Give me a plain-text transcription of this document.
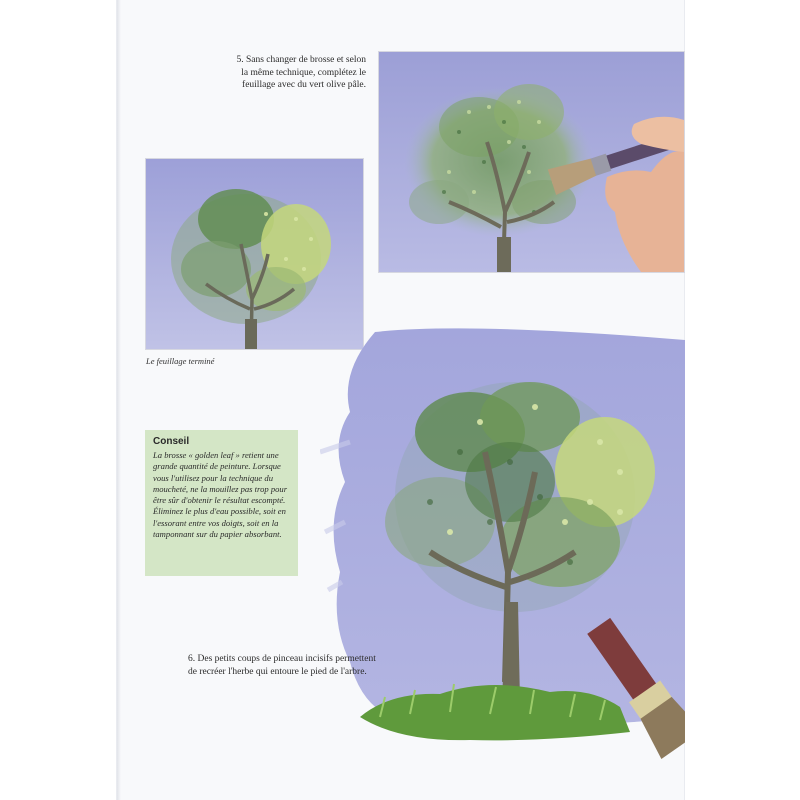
5. Sans changer de brosse et selon la même technique, complétez le feuillage avec du vert olive pâle.
Le feuillage terminé
Conseil
La brosse « golden leaf » retient une grande quantité de peinture. Lorsque vous l'utilisez pour la technique du moucheté, ne la mouillez pas trop pour être sûr d'obtenir le résultat escompté. Éliminez le plus d'eau possible, soit en l'essorant entre vos doigts, soit en la tamponnant sur du papier absorbant.
6. Des petits coups de pinceau incisifs permettent de recréer l'herbe qui entoure le pied de l'arbre.
